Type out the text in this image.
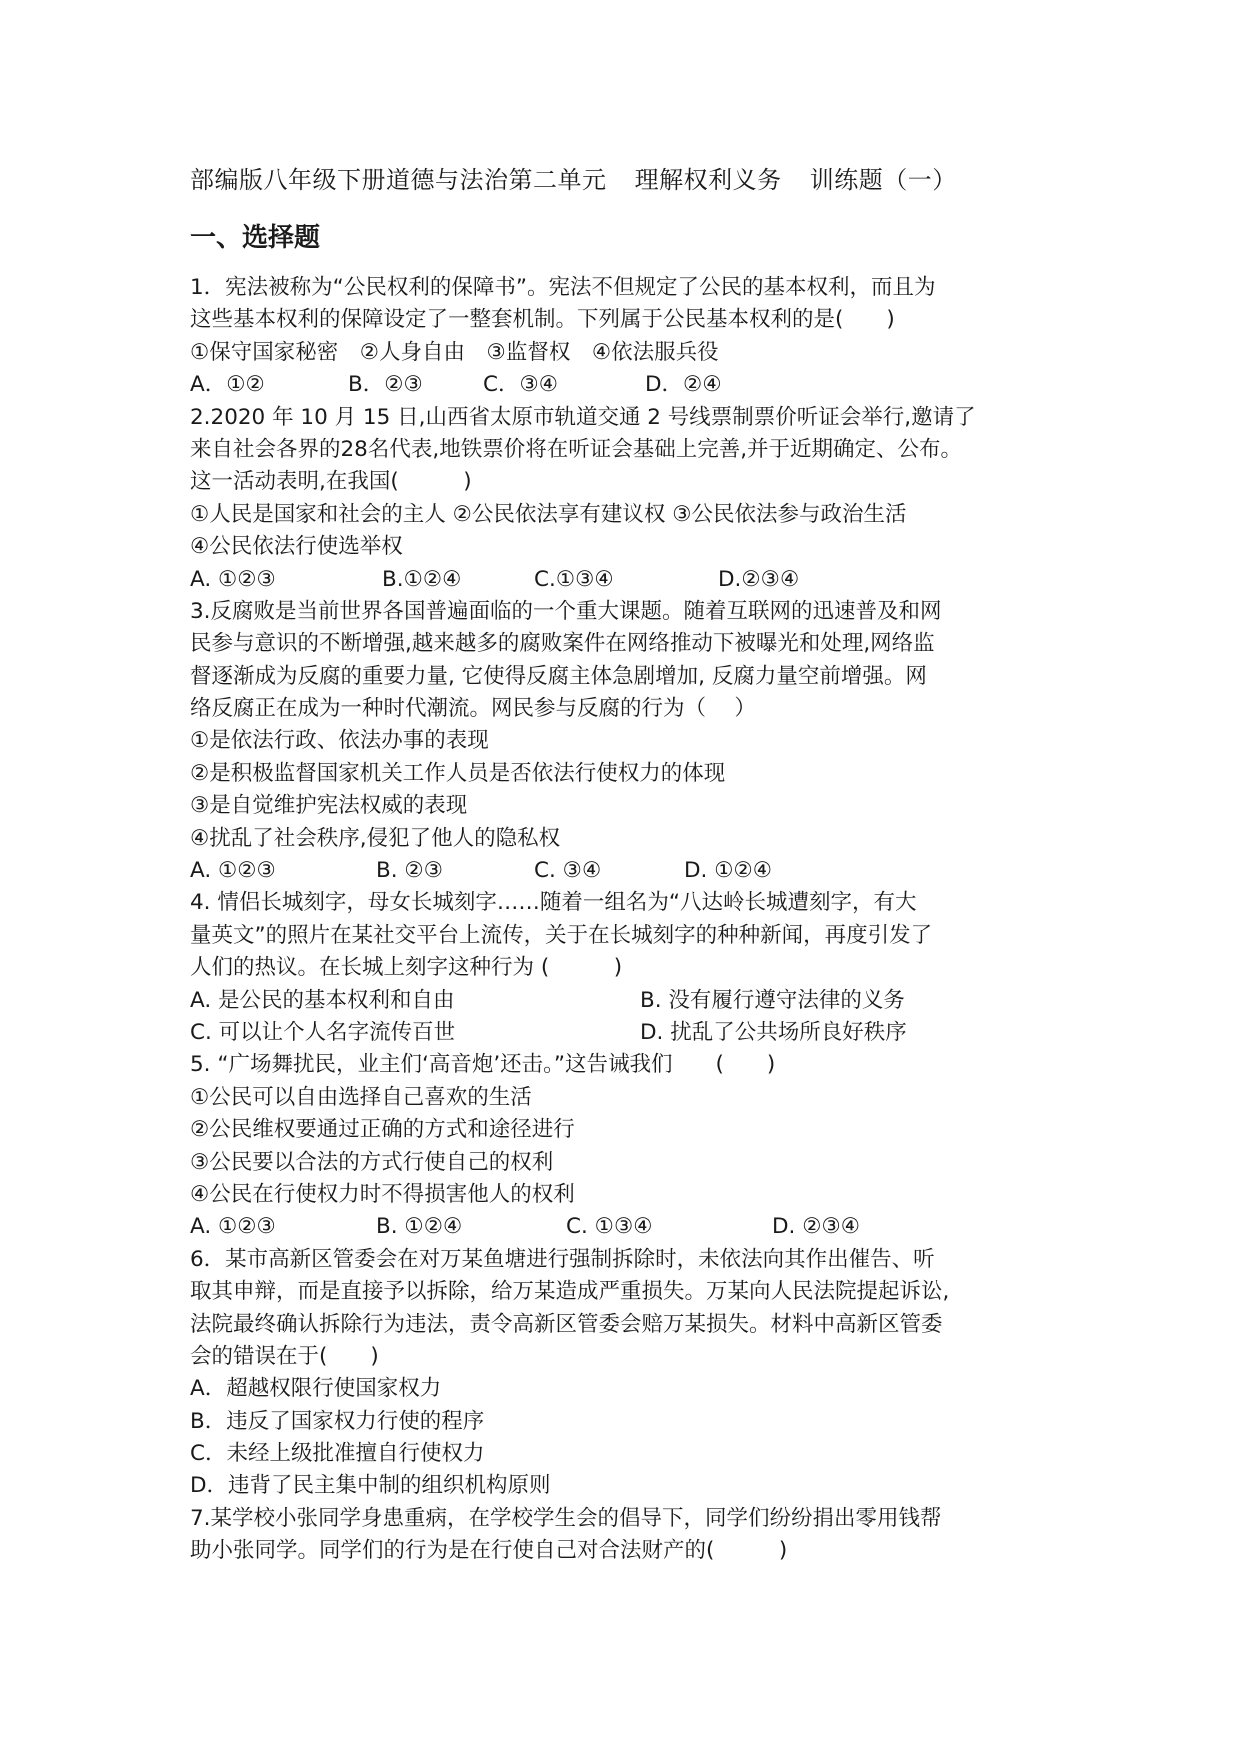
部编版八年级下册道德与法治第二单元 理解权利义务 训练题（一）
一、选择题
1．宪法被称为“公民权利的保障书”。宪法不但规定了公民的基本权利，而且为
这些基本权利的保障设定了一整套机制。下列属于公民基本权利的是(　　)
①保守国家秘密　②人身自由　③监督权　④依法服兵役
A．①②	B．②③	C．③④	D．②④
2.2020 年 10 月 15 日,山西省太原市轨道交通 2 号线票制票价听证会举行,邀请了
来自社会各界的28名代表,地铁票价将在听证会基础上完善,并于近期确定、公布。
这一活动表明,在我国(　　　)
①人民是国家和社会的主人 ②公民依法享有建议权 ③公民依法参与政治生活
④公民依法行使选举权
A. ①②③	B.①②④	C.①③④	D.②③④
3.反腐败是当前世界各国普遍面临的一个重大课题。随着互联网的迅速普及和网
民参与意识的不断增强,越来越多的腐败案件在网络推动下被曝光和处理,网络监
督逐渐成为反腐的重要力量, 它使得反腐主体急剧增加, 反腐力量空前增强。网
络反腐正在成为一种时代潮流。网民参与反腐的行为（　 ）
①是依法行政、依法办事的表现
②是积极监督国家机关工作人员是否依法行使权力的体现
③是自觉维护宪法权威的表现
④扰乱了社会秩序,侵犯了他人的隐私权
A. ①②③	B. ②③	C. ③④	D. ①②④
4. 情侣长城刻字，母女长城刻字……随着一组名为“八达岭长城遭刻字，有大
量英文”的照片在某社交平台上流传，关于在长城刻字的种种新闻，再度引发了
人们的热议。在长城上刻字这种行为 (　　　)
A. 是公民的基本权利和自由	B. 没有履行遵守法律的义务
C. 可以让个人名字流传百世	D. 扰乱了公共场所良好秩序
5. “广场舞扰民，业主们‘高音炮’还击。”这告诫我们　　(　　)
①公民可以自由选择自己喜欢的生活
②公民维权要通过正确的方式和途径进行
③公民要以合法的方式行使自己的权利
④公民在行使权力时不得损害他人的权利
A. ①②③	B. ①②④	C. ①③④	D. ②③④
6．某市高新区管委会在对万某鱼塘进行强制拆除时，未依法向其作出催告、听
取其申辩，而是直接予以拆除，给万某造成严重损失。万某向人民法院提起诉讼,
法院最终确认拆除行为违法，责令高新区管委会赔万某损失。材料中高新区管委
会的错误在于(　　)
A．超越权限行使国家权力
B．违反了国家权力行使的程序
C．未经上级批准擅自行使权力
D．违背了民主集中制的组织机构原则
7.某学校小张同学身患重病，在学校学生会的倡导下，同学们纷纷捐出零用钱帮
助小张同学。同学们的行为是在行使自己对合法财产的(　　　)
